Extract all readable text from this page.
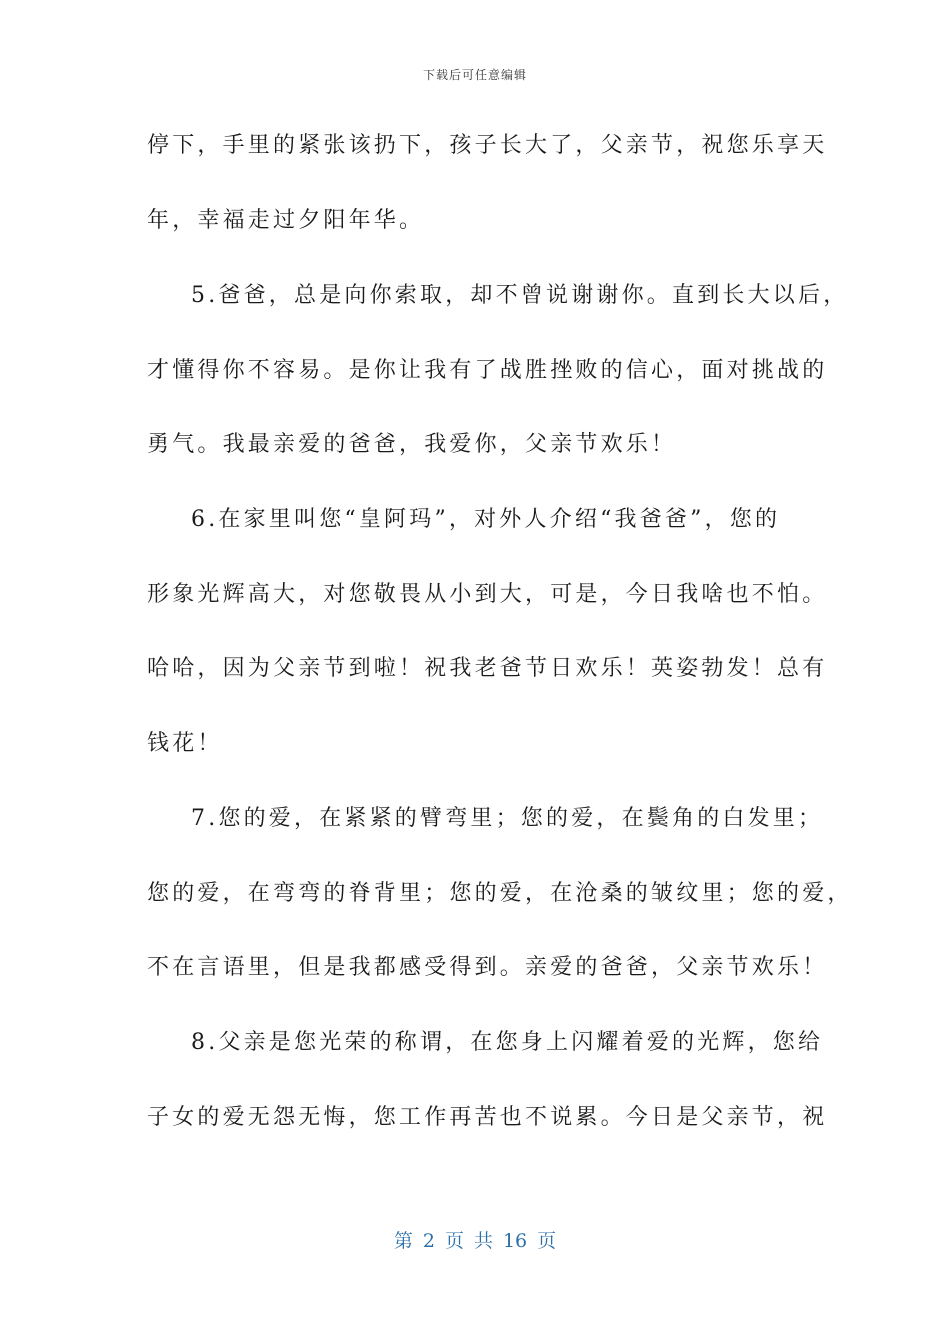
下载后可任意编辑
停下，手里的紧张该扔下，孩子长大了，父亲节，祝您乐享天
年，幸福走过夕阳年华。
5.爸爸，总是向你索取，却不曾说谢谢你。直到长大以后，
才懂得你不容易。是你让我有了战胜挫败的信心，面对挑战的
勇气。我最亲爱的爸爸，我爱你，父亲节欢乐！
6.在家里叫您“皇阿玛”，对外人介绍“我爸爸”，您的
形象光辉高大，对您敬畏从小到大，可是，今日我啥也不怕。
哈哈，因为父亲节到啦！祝我老爸节日欢乐！英姿勃发！总有
钱花！
7.您的爱，在紧紧的臂弯里；您的爱，在鬓角的白发里；
您的爱，在弯弯的脊背里；您的爱，在沧桑的皱纹里；您的爱，
不在言语里，但是我都感受得到。亲爱的爸爸，父亲节欢乐！
8.父亲是您光荣的称谓，在您身上闪耀着爱的光辉，您给
子女的爱无怨无悔，您工作再苦也不说累。今日是父亲节，祝
第 2 页 共 16 页
